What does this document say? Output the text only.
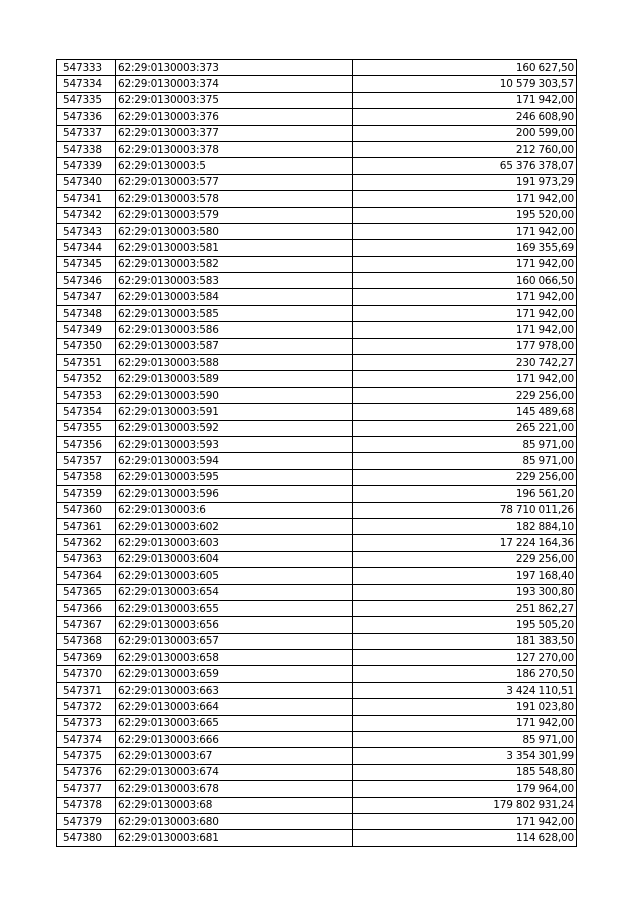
547333	62:29:0130003:373	160 627,50
547334	62:29:0130003:374	10 579 303,57
547335	62:29:0130003:375	171 942,00
547336	62:29:0130003:376	246 608,90
547337	62:29:0130003:377	200 599,00
547338	62:29:0130003:378	212 760,00
547339	62:29:0130003:5	65 376 378,07
547340	62:29:0130003:577	191 973,29
547341	62:29:0130003:578	171 942,00
547342	62:29:0130003:579	195 520,00
547343	62:29:0130003:580	171 942,00
547344	62:29:0130003:581	169 355,69
547345	62:29:0130003:582	171 942,00
547346	62:29:0130003:583	160 066,50
547347	62:29:0130003:584	171 942,00
547348	62:29:0130003:585	171 942,00
547349	62:29:0130003:586	171 942,00
547350	62:29:0130003:587	177 978,00
547351	62:29:0130003:588	230 742,27
547352	62:29:0130003:589	171 942,00
547353	62:29:0130003:590	229 256,00
547354	62:29:0130003:591	145 489,68
547355	62:29:0130003:592	265 221,00
547356	62:29:0130003:593	85 971,00
547357	62:29:0130003:594	85 971,00
547358	62:29:0130003:595	229 256,00
547359	62:29:0130003:596	196 561,20
547360	62:29:0130003:6	78 710 011,26
547361	62:29:0130003:602	182 884,10
547362	62:29:0130003:603	17 224 164,36
547363	62:29:0130003:604	229 256,00
547364	62:29:0130003:605	197 168,40
547365	62:29:0130003:654	193 300,80
547366	62:29:0130003:655	251 862,27
547367	62:29:0130003:656	195 505,20
547368	62:29:0130003:657	181 383,50
547369	62:29:0130003:658	127 270,00
547370	62:29:0130003:659	186 270,50
547371	62:29:0130003:663	3 424 110,51
547372	62:29:0130003:664	191 023,80
547373	62:29:0130003:665	171 942,00
547374	62:29:0130003:666	85 971,00
547375	62:29:0130003:67	3 354 301,99
547376	62:29:0130003:674	185 548,80
547377	62:29:0130003:678	179 964,00
547378	62:29:0130003:68	179 802 931,24
547379	62:29:0130003:680	171 942,00
547380	62:29:0130003:681	114 628,00
